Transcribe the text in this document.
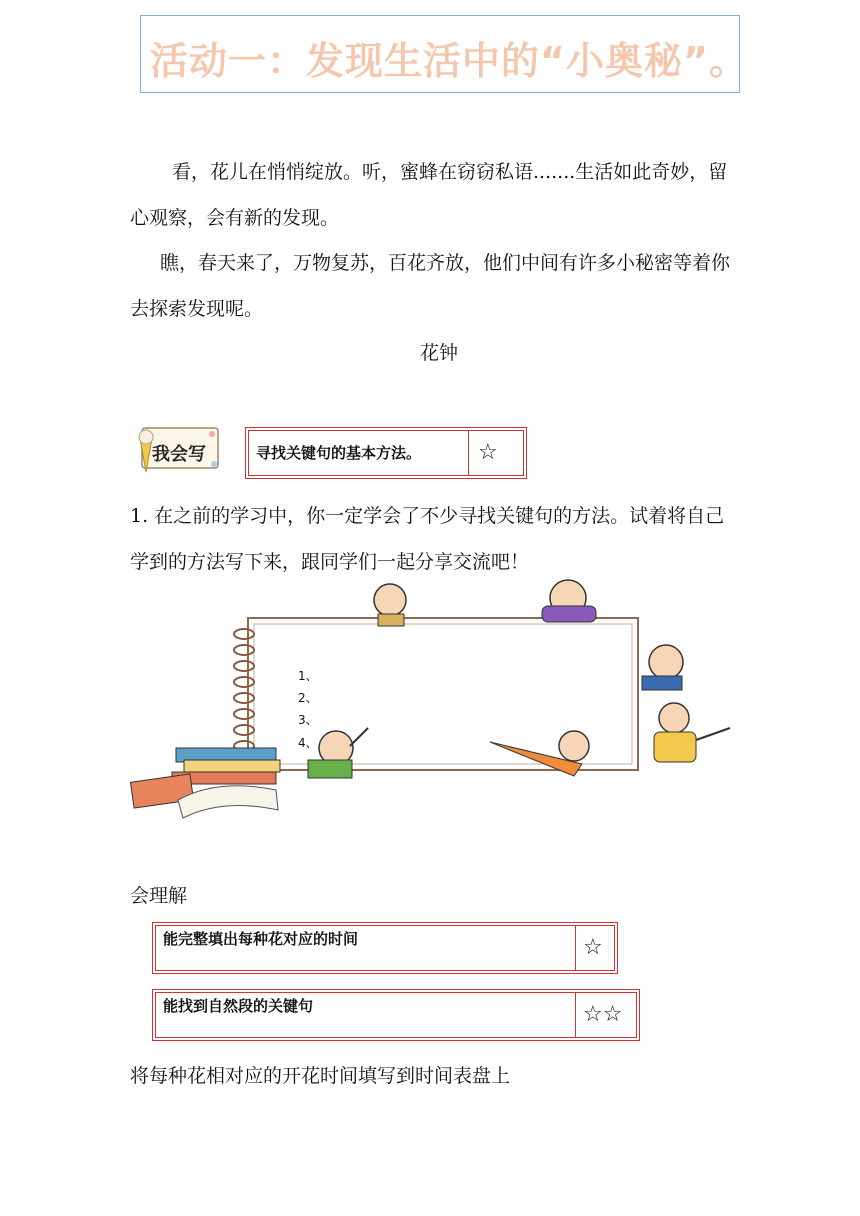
活动一：发现生活中的“小奥秘”。
看，花儿在悄悄绽放。听，蜜蜂在窃窃私语.......生活如此奇妙，留心观察，会有新的发现。
瞧，春天来了，万物复苏，百花齐放，他们中间有许多小秘密等着你去探索发现呢。
花钟
我会写	寻找关键句的基本方法。	☆
1. 在之前的学习中，你一定学会了不少寻找关键句的方法。试着将自己学到的方法写下来，跟同学们一起分享交流吧！
1、
2、
3、
4、
会理解
能完整填出每种花对应的时间	☆
能找到自然段的关键句	☆☆
将每种花相对应的开花时间填写到时间表盘上
